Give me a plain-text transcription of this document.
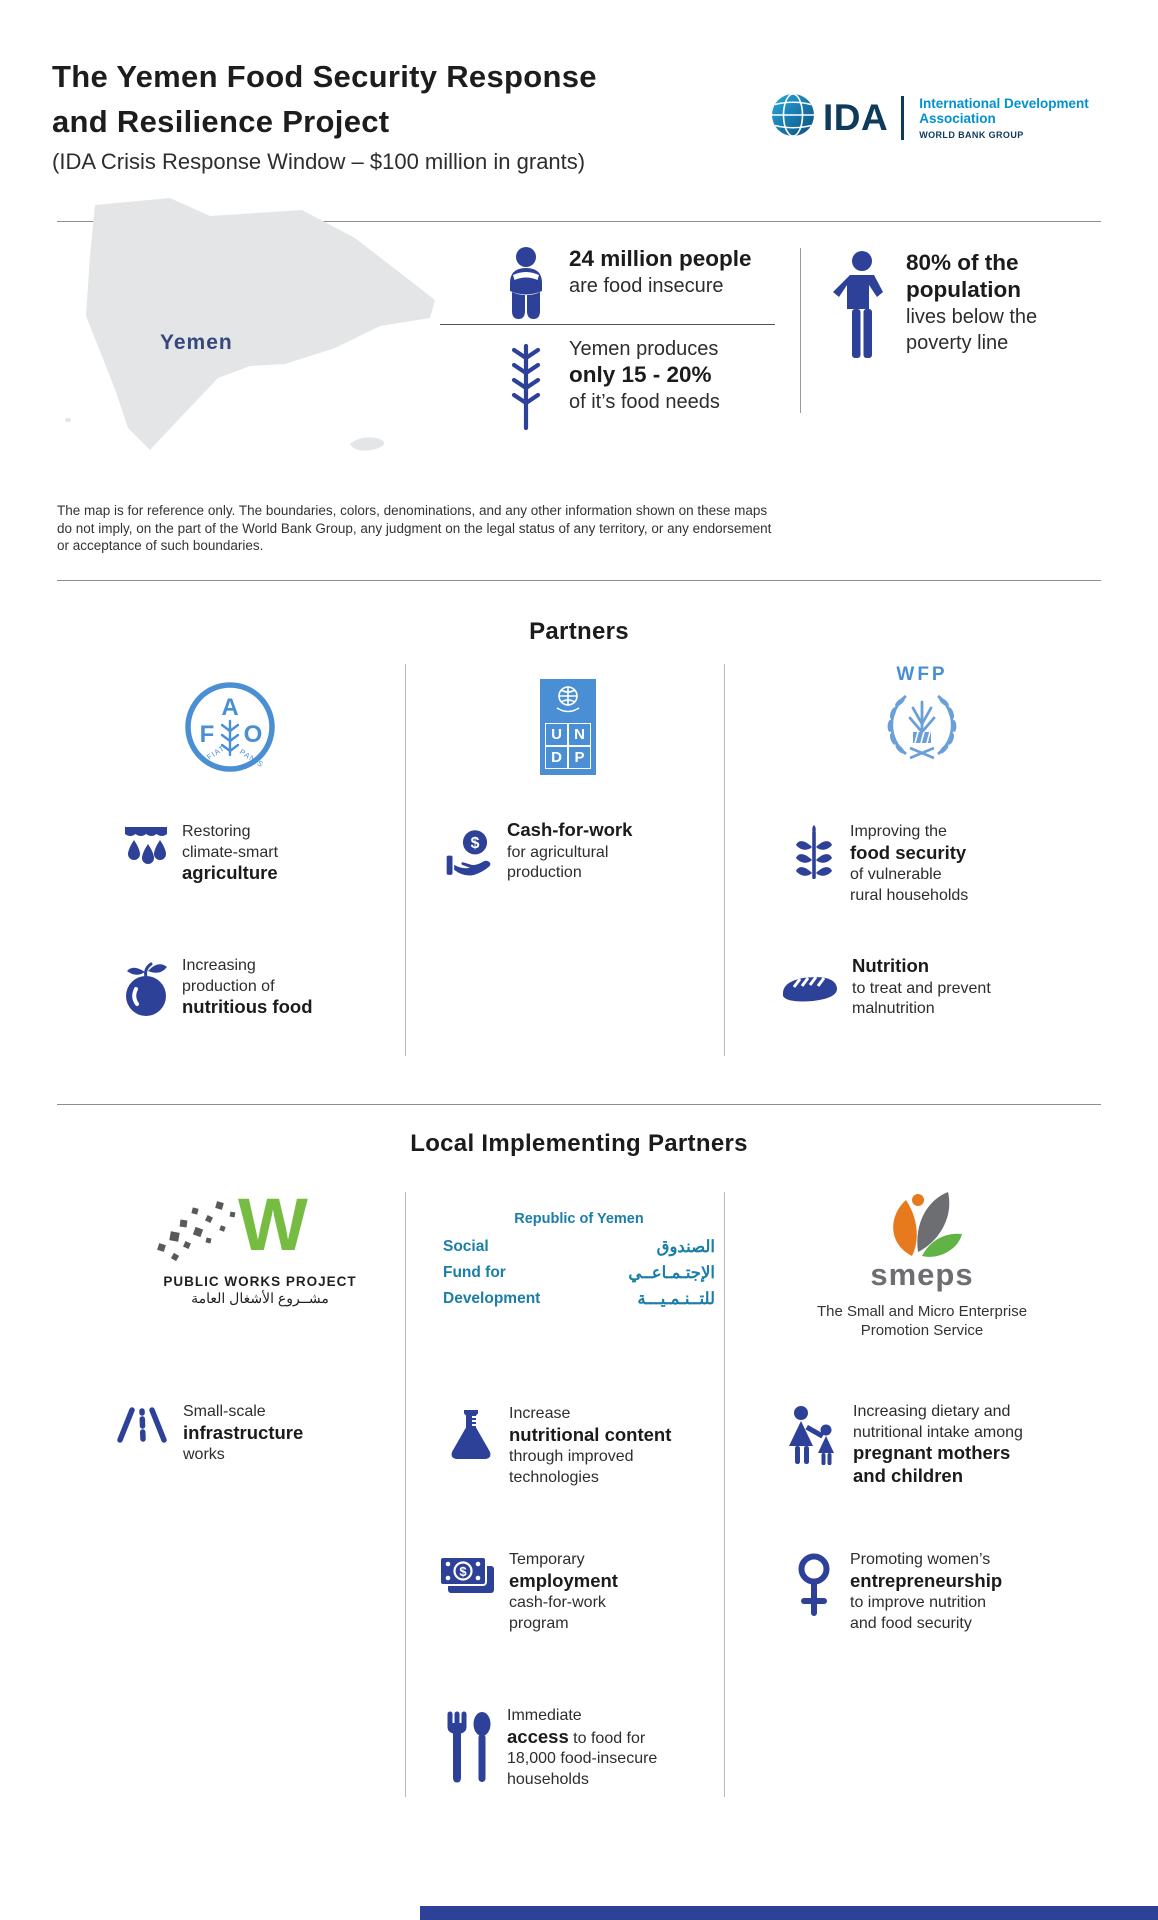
The Yemen Food Security Response
and Resilience Project
(IDA Crisis Response Window – $100 million in grants)
IDA International Development
Association
WORLD BANK GROUP
Yemen
24 million people
are food insecure
Yemen produces
only 15 - 20%
of it’s food needs
80% of the
population
lives below the
poverty line
The map is for reference only. The boundaries, colors, denominations, and any other information shown on these maps
do not imply, on the part of the World Bank Group, any judgment on the legal status of any territory, or any endorsement
or acceptance of such boundaries.
Partners
A
F O
FIAT PANIS
U N
D P
WFP
Restoring
climate-smart
agriculture
Increasing
production of
nutritious food
$
Cash-for-work
for agricultural
production
Improving the
food security
of vulnerable
rural households
Nutrition
to treat and prevent
malnutrition
Local Implementing Partners
W
PUBLIC WORKS PROJECT
مشــروع الأشغال العامة
Republic of Yemen
Social
Fund for
Development
الصندوق
الإجتـمـاعــي
للتــنـمـيـــة
smeps
The Small and Micro Enterprise
Promotion Service
Small-scale
infrastructure
works
Increase
nutritional content
through improved
technologies
Increasing dietary and
nutritional intake among
pregnant mothers
and children
$
Temporary
employment
cash-for-work
program
Promoting women’s
entrepreneurship
to improve nutrition
and food security
Immediate
access to food for
18,000 food-insecure
households
